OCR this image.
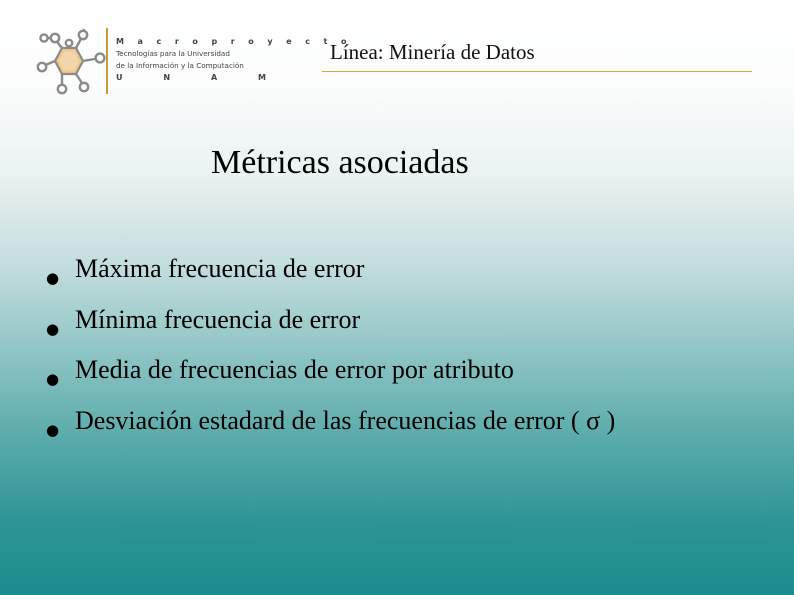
M a c r o p r o y e c t o
Tecnologías para la Universidad
de la Información y la Computación
U	N	A	M
Línea: Minería de Datos
Métricas asociadas
● Máxima frecuencia de error
● Mínima frecuencia de error
● Media de frecuencias de error por atributo
● Desviación estadard de las frecuencias de error ( σ )
